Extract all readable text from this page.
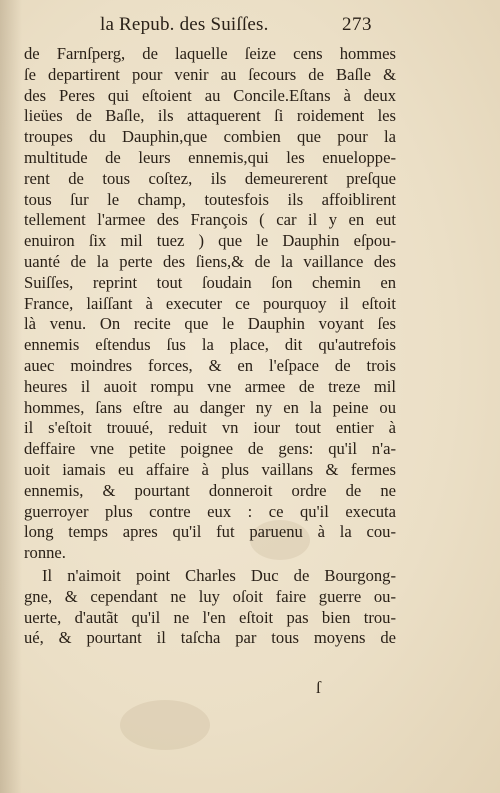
la Repub. des Suiſſes.	273
de Farnſperg, de laquelle ſeize cens hommes
ſe departirent pour venir au ſecours de Baſle &
des Peres qui eſtoient au Concile.Eſtans à deux
lieües de Baſle, ils attaquerent ſi roidement les
troupes du Dauphin,que combien que pour la
multitude de leurs ennemis,qui les enueloppe-
rent de tous coſtez, ils demeurerent preſque
tous ſur le champ, toutesfois ils affoiblirent
tellement l'armee des François ( car il y en eut
enuiron ſix mil tuez ) que le Dauphin eſpou-
uanté de la perte des ſiens,& de la vaillance des
Suiſſes, reprint tout ſoudain ſon chemin en
France, laiſſant à executer ce pourquoy il eſtoit
là venu. On recite que le Dauphin voyant ſes
ennemis eſtendus ſus la place, dit qu'autrefois
auec moindres forces, & en l'eſpace de trois
heures il auoit rompu vne armee de treze mil
hommes, ſans eſtre au danger ny en la peine ou
il s'eſtoit trouué, reduit vn iour tout entier à
deffaire vne petite poignee de gens: qu'il n'a-
uoit iamais eu affaire à plus vaillans & fermes
ennemis, & pourtant donneroit ordre de ne
guerroyer plus contre eux : ce qu'il executa
long temps apres qu'il fut paruenu à la cou-
ronne.
Il n'aimoit point Charles Duc de Bourgong-
gne, & cependant ne luy oſoit faire guerre ou-
uerte, d'autãt qu'il ne l'en eſtoit pas bien trou-
ué, & pourtant il taſcha par tous moyens de
ſ
